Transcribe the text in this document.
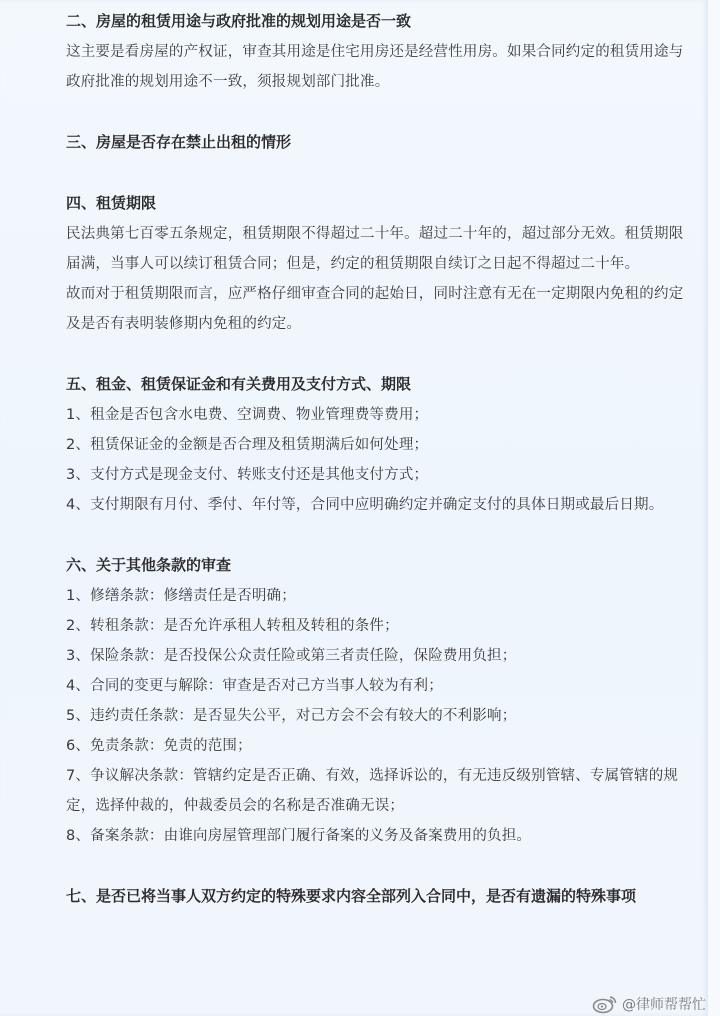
二、房屋的租赁用途与政府批准的规划用途是否一致
这主要是看房屋的产权证，审查其用途是住宅用房还是经营性用房。如果合同约定的租赁用途与政府批准的规划用途不一致，须报规划部门批准。
三、房屋是否存在禁止出租的情形
四、租赁期限
民法典第七百零五条规定，租赁期限不得超过二十年。超过二十年的，超过部分无效。租赁期限届满，当事人可以续订租赁合同；但是，约定的租赁期限自续订之日起不得超过二十年。
故而对于租赁期限而言，应严格仔细审查合同的起始日，同时注意有无在一定期限内免租的约定及是否有表明装修期内免租的约定。
五、租金、租赁保证金和有关费用及支付方式、期限
1、租金是否包含水电费、空调费、物业管理费等费用；
2、租赁保证金的金额是否合理及租赁期满后如何处理；
3、支付方式是现金支付、转账支付还是其他支付方式；
4、支付期限有月付、季付、年付等，合同中应明确约定并确定支付的具体日期或最后日期。
六、关于其他条款的审查
1、修缮条款：修缮责任是否明确；
2、转租条款：是否允许承租人转租及转租的条件；
3、保险条款：是否投保公众责任险或第三者责任险，保险费用负担；
4、合同的变更与解除：审查是否对己方当事人较为有利；
5、违约责任条款：是否显失公平，对己方会不会有较大的不利影响；
6、免责条款：免责的范围；
7、争议解决条款：管辖约定是否正确、有效，选择诉讼的，有无违反级别管辖、专属管辖的规定，选择仲裁的，仲裁委员会的名称是否准确无误；
8、备案条款：由谁向房屋管理部门履行备案的义务及备案费用的负担。
七、是否已将当事人双方约定的特殊要求内容全部列入合同中，是否有遗漏的特殊事项
@律师帮帮忙
